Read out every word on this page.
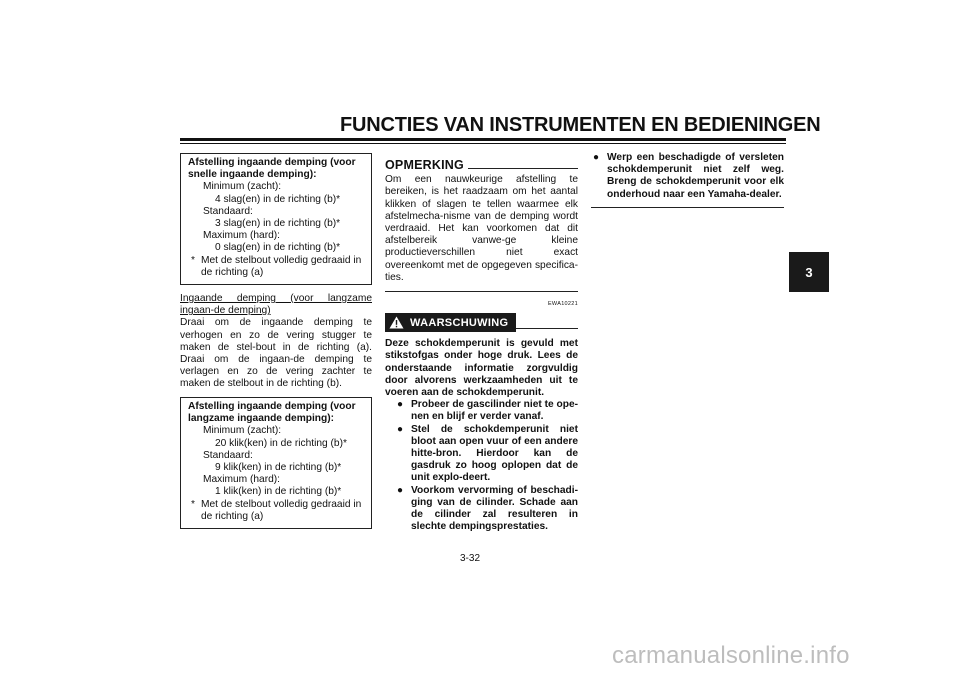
FUNCTIES VAN INSTRUMENTEN EN BEDIENINGEN
3
Afstelling ingaande demping (voor snelle ingaande demping):
Minimum (zacht):
4 slag(en) in de richting (b)*
Standaard:
3 slag(en) in de richting (b)*
Maximum (hard):
0 slag(en) in de richting (b)*
* Met de stelbout volledig gedraaid in de richting (a)
Ingaande demping (voor langzame ingaan-de demping)
Draai om de ingaande demping te verhogen en zo de vering stugger te maken de stel-bout in de richting (a). Draai om de ingaan-de demping te verlagen en zo de vering zachter te maken de stelbout in de richting (b).
Afstelling ingaande demping (voor langzame ingaande demping):
Minimum (zacht):
20 klik(ken) in de richting (b)*
Standaard:
9 klik(ken) in de richting (b)*
Maximum (hard):
1 klik(ken) in de richting (b)*
* Met de stelbout volledig gedraaid in de richting (a)
OPMERKING
Om een nauwkeurige afstelling te bereiken, is het raadzaam om het aantal klikken of slagen te tellen waarmee elk afstelmecha-nisme van de demping wordt verdraaid. Het kan voorkomen dat dit afstelbereik vanwe-ge kleine productieverschillen niet exact overeenkomt met de opgegeven specifica-ties.
EWA10221
WAARSCHUWING
Deze schokdemperunit is gevuld met stikstofgas onder hoge druk. Lees de onderstaande informatie zorgvuldig door alvorens werkzaamheden uit te voeren aan de schokdemperunit.
● Probeer de gascilinder niet te ope-nen en blijf er verder vanaf.
● Stel de schokdemperunit niet bloot aan open vuur of een andere hitte-bron. Hierdoor kan de gasdruk zo hoog oplopen dat de unit explo-deert.
● Voorkom vervorming of beschadi-ging van de cilinder. Schade aan de cilinder zal resulteren in slechte dempingsprestaties.
● Werp een beschadigde of versleten schokdemperunit niet zelf weg. Breng de schokdemperunit voor elk onderhoud naar een Yamaha-dealer.
3-32
carmanualsonline.info
